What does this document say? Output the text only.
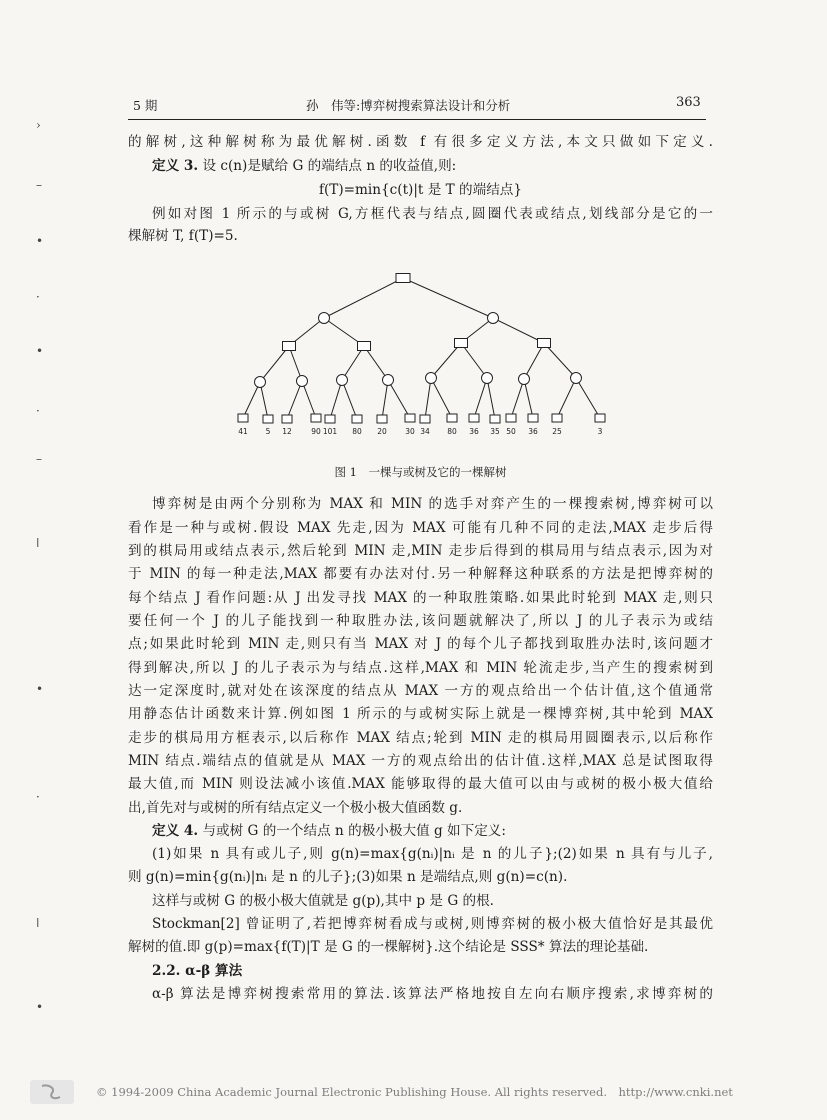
5 期	孙　伟等:博弈树搜索算法设计和分析	363
的解树,这种解树称为最优解树.函数 f 有很多定义方法,本文只做如下定义.
定义 3. 设 c(n)是赋给 G 的端结点 n 的收益值,则:
f(T)=min{c(t)|t 是 T 的端结点}
例如对图 1 所示的与或树 G,方框代表与结点,圆圈代表或结点,划线部分是它的一
棵解树 T, f(T)=5.
41 5 12	90 101 80 20 30 34 80 36 35 50 36 25	3
图 1　一棵与或树及它的一棵解树
博弈树是由两个分别称为 MAX 和 MIN 的选手对弈产生的一棵搜索树,博弈树可以
看作是一种与或树.假设 MAX 先走,因为 MAX 可能有几种不同的走法,MAX 走步后得
到的棋局用或结点表示,然后轮到 MIN 走,MIN 走步后得到的棋局用与结点表示,因为对
于 MIN 的每一种走法,MAX 都要有办法对付.另一种解释这种联系的方法是把博弈树的
每个结点 J 看作问题:从 J 出发寻找 MAX 的一种取胜策略.如果此时轮到 MAX 走,则只
要任何一个 J 的儿子能找到一种取胜办法,该问题就解决了,所以 J 的儿子表示为或结
点;如果此时轮到 MIN 走,则只有当 MAX 对 J 的每个儿子都找到取胜办法时,该问题才
得到解决,所以 J 的儿子表示为与结点.这样,MAX 和 MIN 轮流走步,当产生的搜索树到
达一定深度时,就对处在该深度的结点从 MAX 一方的观点给出一个估计值,这个值通常
用静态估计函数来计算.例如图 1 所示的与或树实际上就是一棵博弈树,其中轮到 MAX
走步的棋局用方框表示,以后称作 MAX 结点;轮到 MIN 走的棋局用圆圈表示,以后称作
MIN 结点.端结点的值就是从 MAX 一方的观点给出的估计值.这样,MAX 总是试图取得
最大值,而 MIN 则设法减小该值.MAX 能够取得的最大值可以由与或树的极小极大值给
出,首先对与或树的所有结点定义一个极小极大值函数 g.
定义 4. 与或树 G 的一个结点 n 的极小极大值 g 如下定义:
(1)如果 n 具有或儿子,则 g(n)=max{g(nᵢ)|nᵢ 是 n 的儿子};(2)如果 n 具有与儿子,
则 g(n)=min{g(nᵢ)|nᵢ 是 n 的儿子};(3)如果 n 是端结点,则 g(n)=c(n).
这样与或树 G 的极小极大值就是 g(p),其中 p 是 G 的根.
Stockman[2] 曾证明了,若把博弈树看成与或树,则博弈树的极小极大值恰好是其最优
解树的值.即 g(p)=max{f(T)|T 是 G 的一棵解树}.这个结论是 SSS* 算法的理论基础.
2.2. α-β 算法
α-β 算法是博弈树搜索常用的算法.该算法严格地按自左向右顺序搜索,求博弈树的
›
–
•
·
•
·
–
ǀ
•
·
ǀ
•
© 1994-2009 China Academic Journal Electronic Publishing House. All rights reserved.　http://www.cnki.net
